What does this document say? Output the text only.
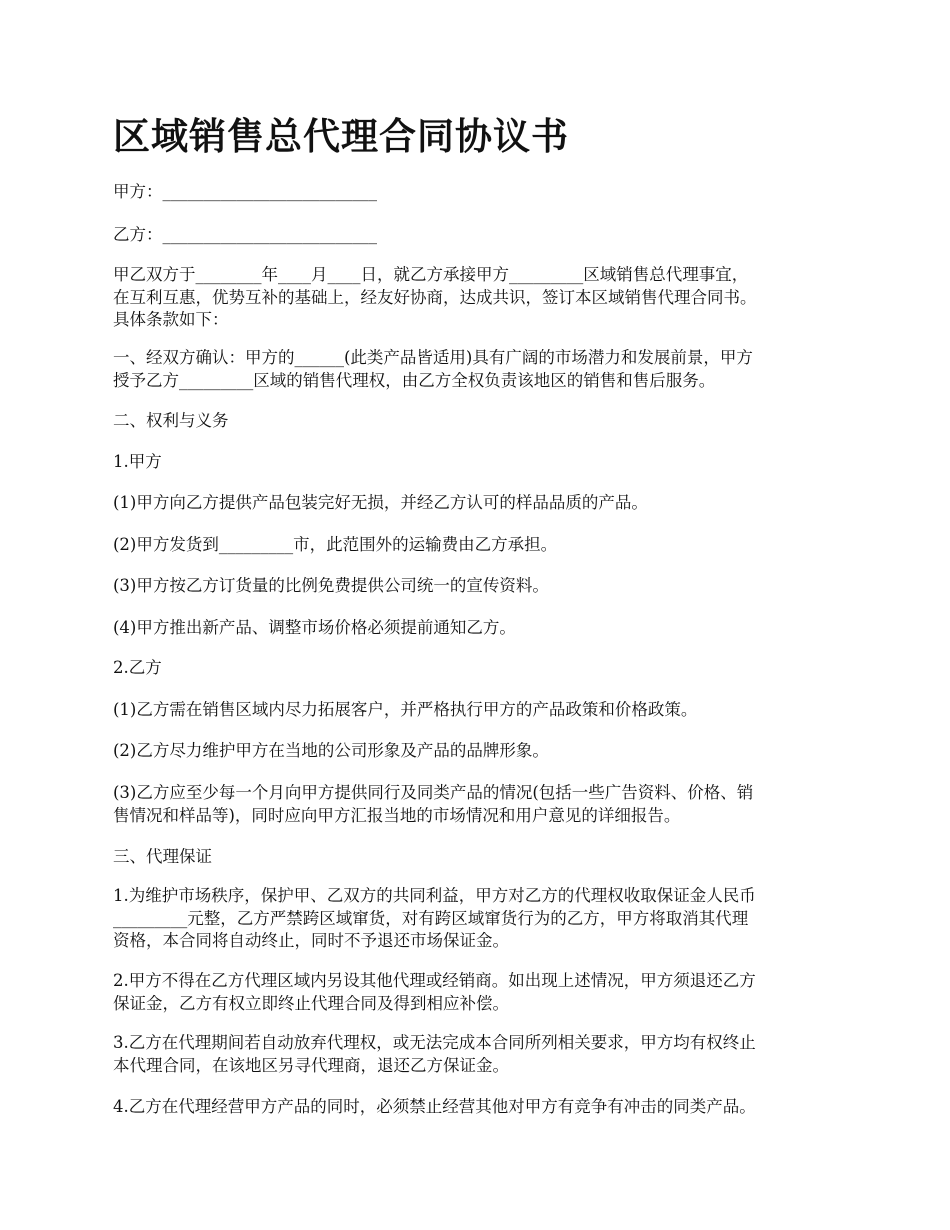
区域销售总代理合同协议书

甲方：__________________________

乙方：__________________________

甲乙双方于________年____月____日，就乙方承接甲方_________区域销售总代理事宜，
在互利互惠，优势互补的基础上，经友好协商，达成共识，签订本区域销售代理合同书。
具体条款如下：

一、经双方确认：甲方的______(此类产品皆适用)具有广阔的市场潜力和发展前景，甲方
授予乙方_________区域的销售代理权，由乙方全权负责该地区的销售和售后服务。

二、权利与义务

1.甲方

(1)甲方向乙方提供产品包装完好无损，并经乙方认可的样品品质的产品。

(2)甲方发货到_________市，此范围外的运输费由乙方承担。

(3)甲方按乙方订货量的比例免费提供公司统一的宣传资料。

(4)甲方推出新产品、调整市场价格必须提前通知乙方。

2.乙方

(1)乙方需在销售区域内尽力拓展客户，并严格执行甲方的产品政策和价格政策。

(2)乙方尽力维护甲方在当地的公司形象及产品的品牌形象。

(3)乙方应至少每一个月向甲方提供同行及同类产品的情况(包括一些广告资料、价格、销
售情况和样品等)，同时应向甲方汇报当地的市场情况和用户意见的详细报告。

三、代理保证

1.为维护市场秩序，保护甲、乙双方的共同利益，甲方对乙方的代理权收取保证金人民币
_________元整，乙方严禁跨区域窜货，对有跨区域窜货行为的乙方，甲方将取消其代理
资格，本合同将自动终止，同时不予退还市场保证金。

2.甲方不得在乙方代理区域内另设其他代理或经销商。如出现上述情况，甲方须退还乙方
保证金，乙方有权立即终止代理合同及得到相应补偿。

3.乙方在代理期间若自动放弃代理权，或无法完成本合同所列相关要求，甲方均有权终止
本代理合同，在该地区另寻代理商，退还乙方保证金。

4.乙方在代理经营甲方产品的同时，必须禁止经营其他对甲方有竞争有冲击的同类产品。
